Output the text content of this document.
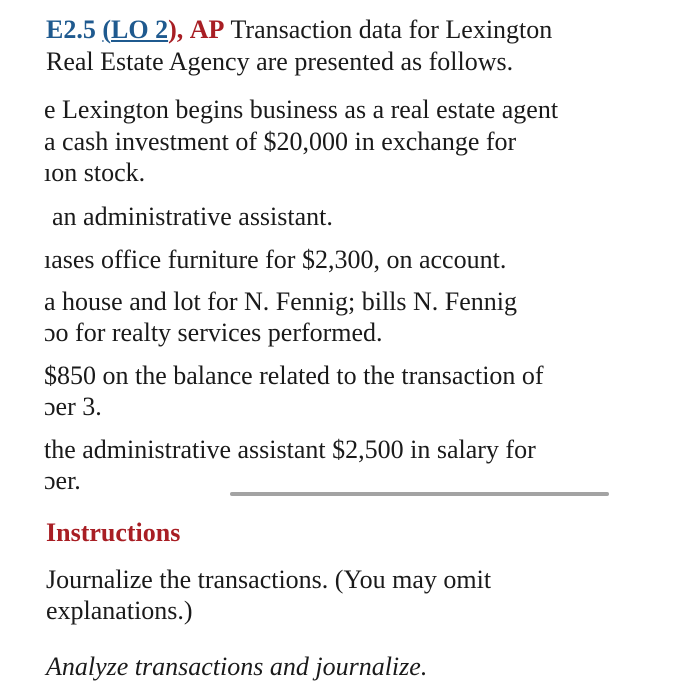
E2.5 (LO 2), AP Transaction data for Lexington
Real Estate Agency are presented as follows.
е Lexington begins business as a real estate agent
a cash investment of $20,000 in exchange for
ıon stock.
an administrative assistant.
ıases office furniture for $2,300, on account.
a house and lot for N. Fennig; bills N. Fennig
ɔo for realty services performed.
$850 on the balance related to the transaction of
ɔer 3.
the administrative assistant $2,500 in salary for
ɔer.
Instructions
Journalize the transactions. (You may omit explanations.)
Analyze transactions and journalize.
